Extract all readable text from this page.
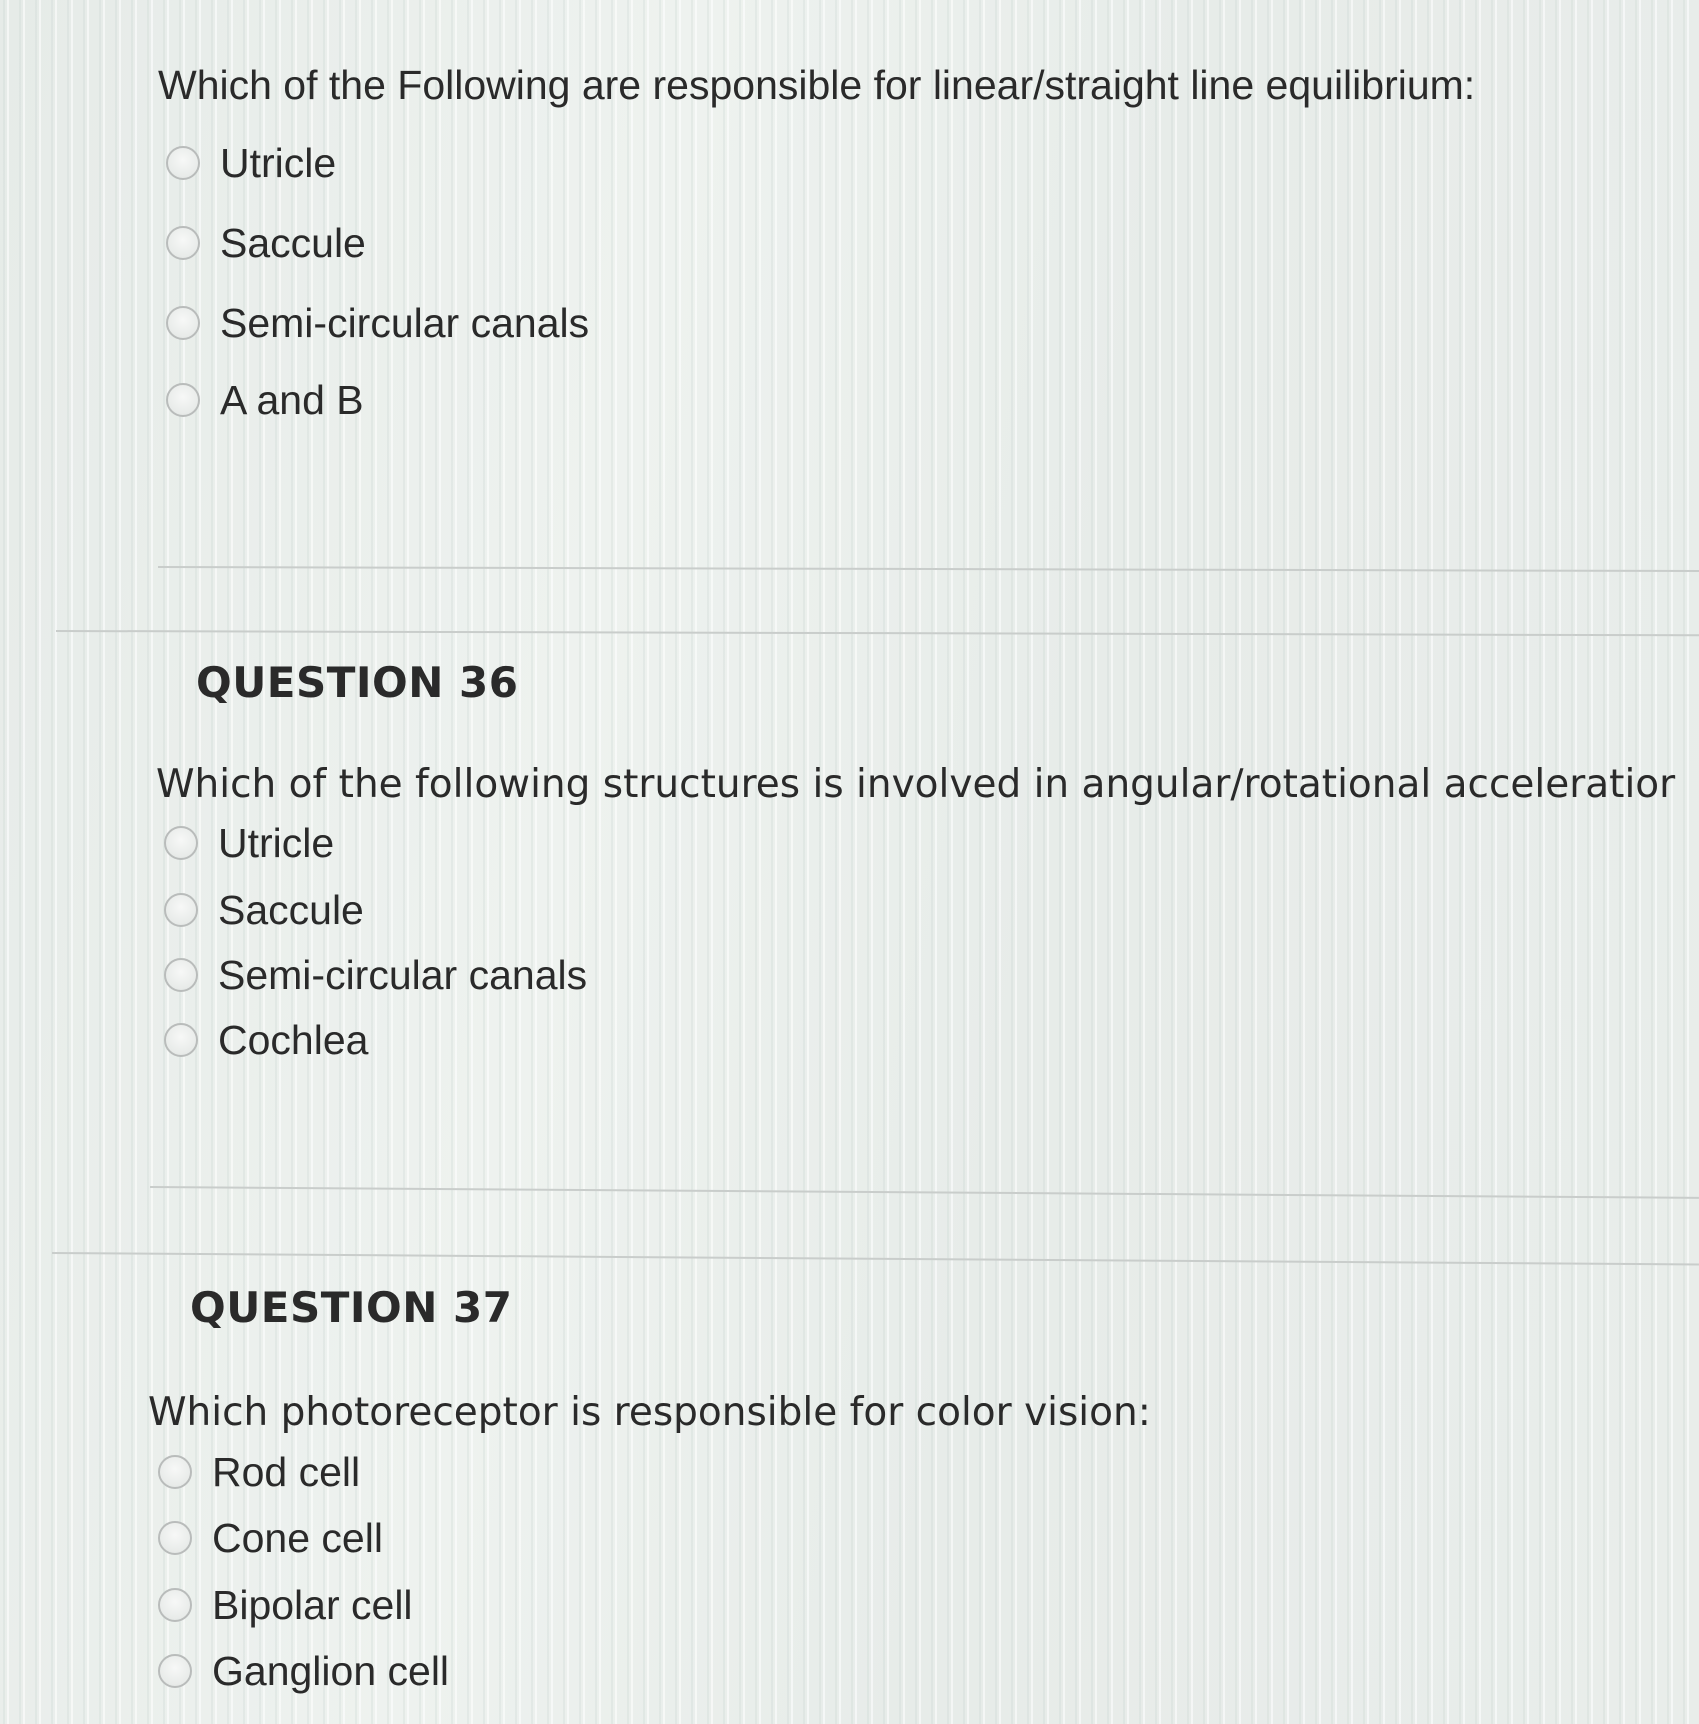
Which of the Following are responsible for linear/straight line equilibrium:
Utricle
Saccule
Semi-circular canals
A and B
QUESTION 36
Which of the following structures is involved in angular/rotational acceleratior
Utricle
Saccule
Semi-circular canals
Cochlea
QUESTION 37
Which photoreceptor is responsible for color vision:
Rod cell
Cone cell
Bipolar cell
Ganglion cell
